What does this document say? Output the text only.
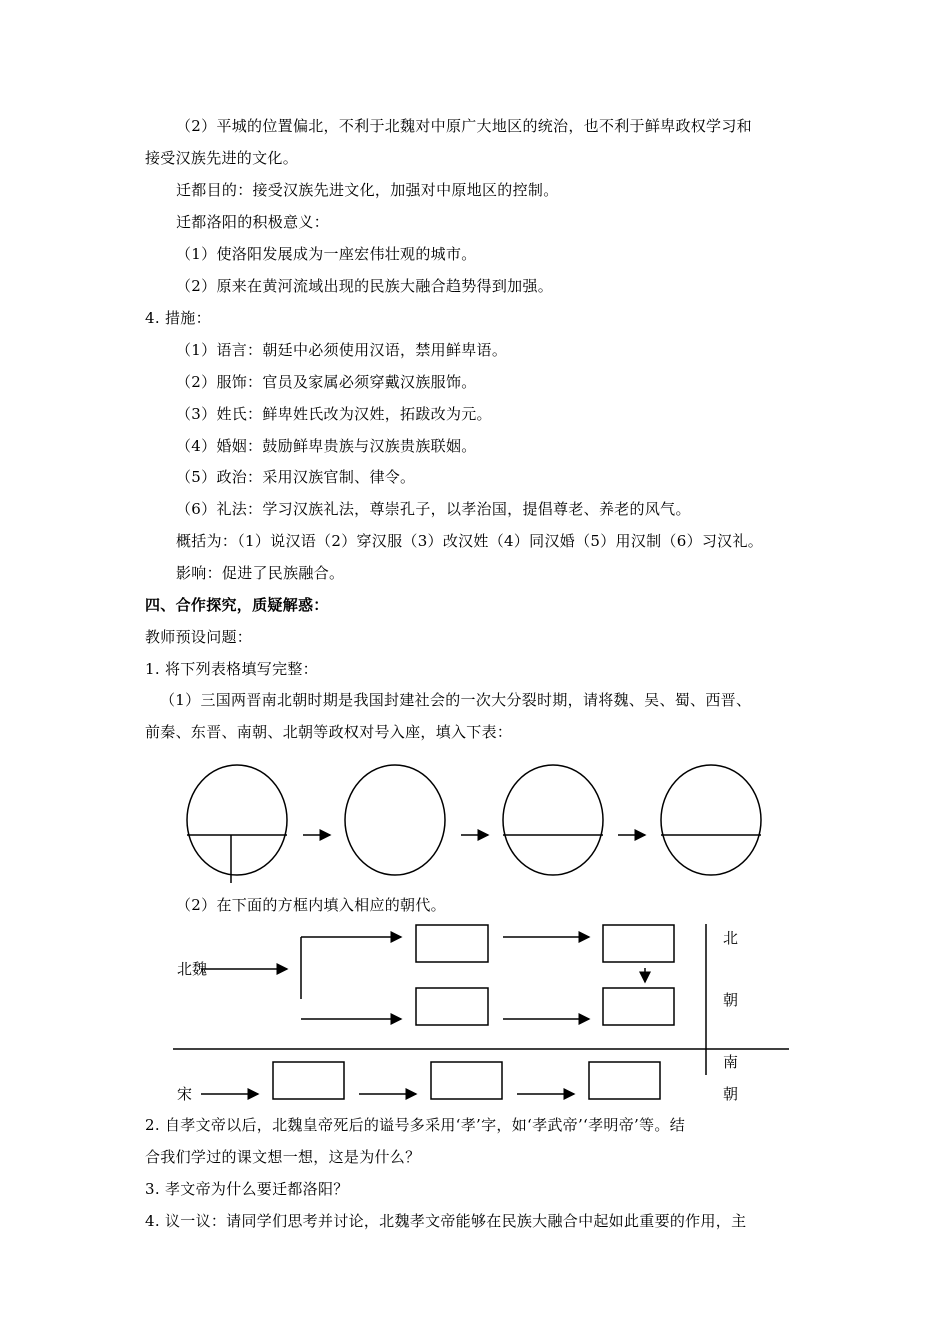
（2）平城的位置偏北，不利于北魏对中原广大地区的统治，也不利于鲜卑政权学习和
接受汉族先进的文化。
迁都目的：接受汉族先进文化，加强对中原地区的控制。
迁都洛阳的积极意义：
（1）使洛阳发展成为一座宏伟壮观的城市。
（2）原来在黄河流域出现的民族大融合趋势得到加强。
4. 措施：
（1）语言：朝廷中必须使用汉语，禁用鲜卑语。
（2）服饰：官员及家属必须穿戴汉族服饰。
（3）姓氏：鲜卑姓氏改为汉姓，拓跋改为元。
（4）婚姻：鼓励鲜卑贵族与汉族贵族联姻。
（5）政治：采用汉族官制、律令。
（6）礼法：学习汉族礼法，尊崇孔子，以孝治国，提倡尊老、养老的风气。
概括为：（1）说汉语（2）穿汉服（3）改汉姓（4）同汉婚（5）用汉制（6）习汉礼。
影响：促进了民族融合。
四、合作探究，质疑解惑：
教师预设问题：
1. 将下列表格填写完整：
（1）三国两晋南北朝时期是我国封建社会的一次大分裂时期，请将魏、吴、蜀、西晋、
前秦、东晋、南朝、北朝等政权对号入座，填入下表：
（2）在下面的方框内填入相应的朝代。
北魏
宋
北
朝
南
朝
2. 自孝文帝以后，北魏皇帝死后的谥号多采用‘孝’字，如‘孝武帝’‘孝明帝’等。结
合我们学过的课文想一想，这是为什么？
3. 孝文帝为什么要迁都洛阳？
4. 议一议：请同学们思考并讨论，北魏孝文帝能够在民族大融合中起如此重要的作用，主
